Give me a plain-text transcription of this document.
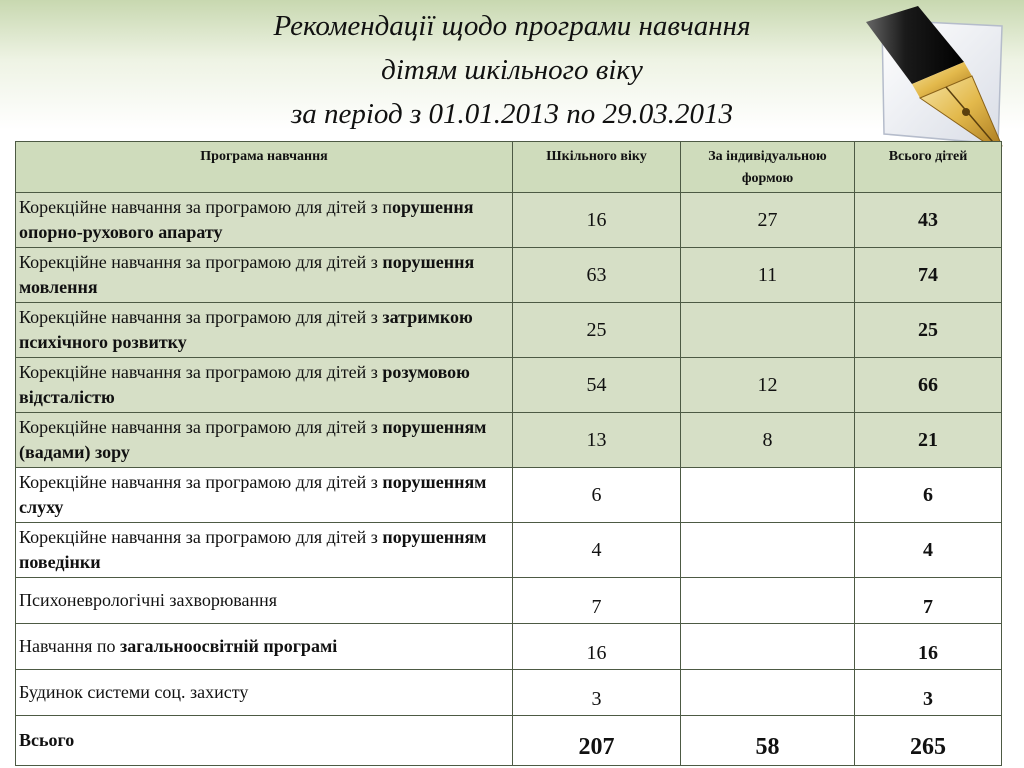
Рекомендації щодо програми навчання
дітям шкільного віку
за період з 01.01.2013 по 29.03.2013
Програма навчання	Шкільного віку	За індивідуальною формою	Всього дітей
Корекційне навчання за програмою для дітей з порушення опорно-рухового апарату	16	27	43
Корекційне навчання за програмою для дітей з порушення мовлення	63	11	74
Корекційне навчання за програмою для дітей з затримкою психічного розвитку	25		25
Корекційне навчання за програмою для дітей з розумовою відсталістю	54	12	66
Корекційне навчання за програмою для дітей з порушенням (вадами) зору	13	8	21
Корекційне навчання за програмою для дітей з порушенням слуху	6		6
Корекційне навчання за програмою для дітей з порушенням поведінки	4		4
Психоневрологічні захворювання	7		7
Навчання по загальноосвітній програмі	16		16
Будинок системи соц. захисту	3		3
Всього	207	58	265
